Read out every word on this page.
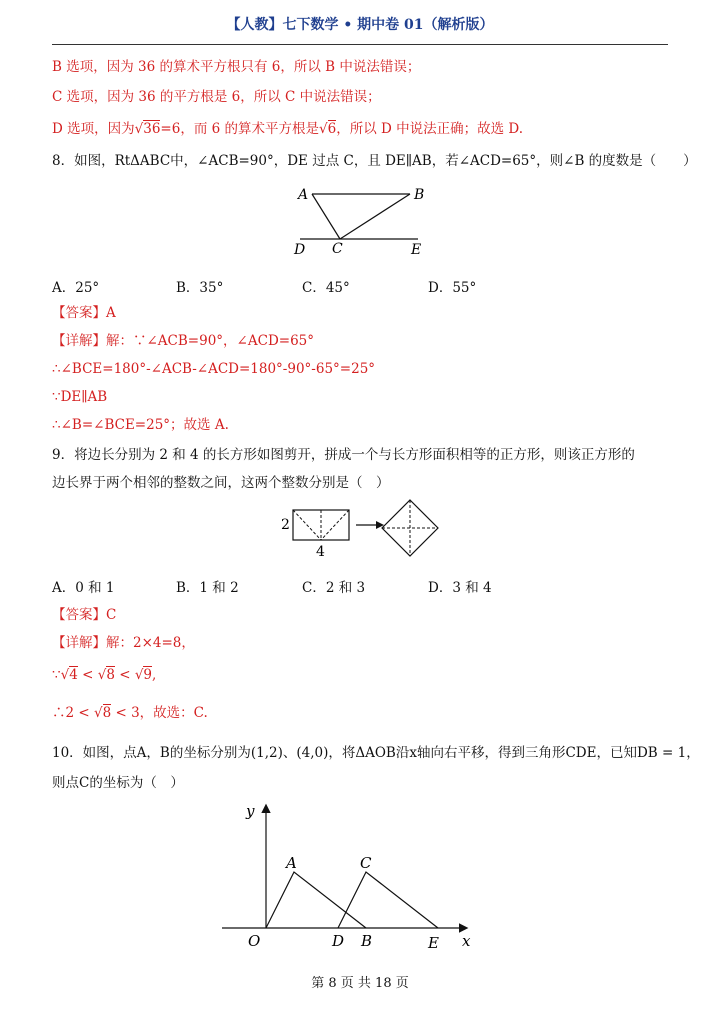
【人教】七下数学 • 期中卷 01（解析版）
B 选项，因为 36 的算术平方根只有 6，所以 B 中说法错误；
C 选项，因为 36 的平方根是 6，所以 C 中说法错误；
D 选项，因为√36=6，而 6 的算术平方根是√6，所以 D 中说法正确；故选 D.
8．如图，RtΔABC中，∠ACB=90°，DE 过点 C，且 DE∥AB，若∠ACD=65°，则∠B 的度数是（　　）
A	B
C
D	E
A．25°	B．35°	C．45°	D．55°
【答案】A
【详解】解：∵∠ACB=90°，∠ACD=65°
∴∠BCE=180°-∠ACB-∠ACD=180°-90°-65°=25°
∵DE∥AB
∴∠B=∠BCE=25°；故选 A.
9．将边长分别为 2 和 4 的长方形如图剪开，拼成一个与长方形面积相等的正方形，则该正方形的
边长界于两个相邻的整数之间，这两个整数分别是（　）
2
4
A．0 和 1	B．1 和 2	C．2 和 3	D．3 和 4
【答案】C
【详解】解：2×4=8，
∵√4 < √8 < √9,
∴2 < √8 < 3，故选：C.
10．如图，点A，B的坐标分别为(1,2)、(4,0)，将ΔAOB沿x轴向右平移，得到三角形CDE，已知DB = 1，
则点C的坐标为（　）
y
x
O
A	C
D B	E
第 8 页 共 18 页
